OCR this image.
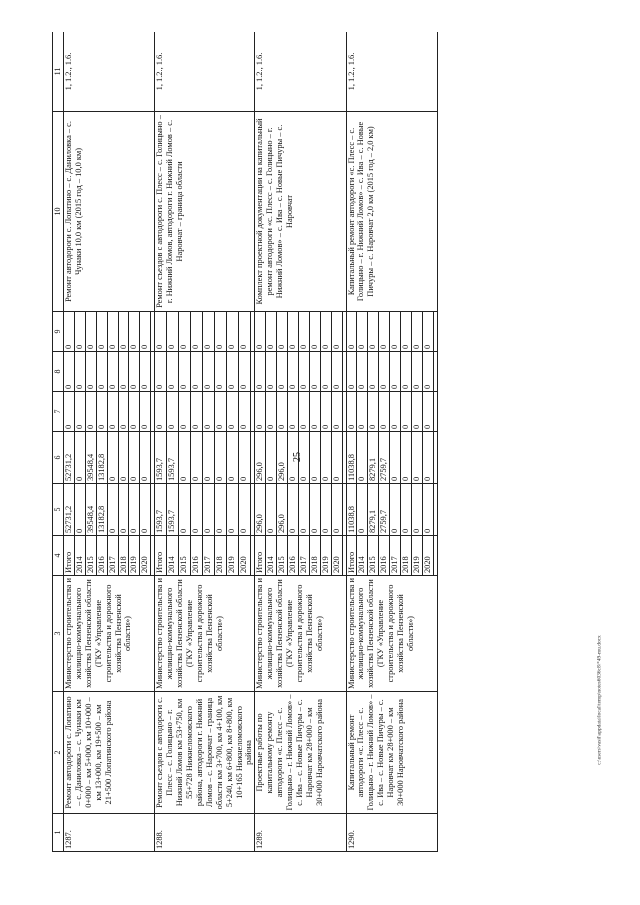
25
c:\users\vasil\appdata\local\temp\notes6036c8\*49-mu.docx
1	2	3	4	5	6	7	8	9	10	11
1287.	Ремонт автодороги с. Лопатино – с. Даниловка – с. Чунаки км 0+000 – км 5+000, км 10+000 – км 13+000, км 19+500 – км 21+500 Лопатинского района	Министерство строительства и жилищно-коммунального хозяйства Пензенской области (ГКУ «Управление строительства и дорожного хозяйства Пензенской области»)	Итого	52731,2	52731,2	0	0	0	Ремонт автодороги с. Лопатино – с. Даниловка – с. Чунаки 10,0 км (2015 год – 10,0 км)	1, 1.2., 1.6.
			2014	0	0	0	0	0		
			2015	39548,4	39548,4	0	0	0		
			2016	13182,8	13182,8	0	0	0		
			2017	0	0	0	0	0		
			2018	0	0	0	0	0		
			2019	0	0	0	0	0		
			2020	0	0	0	0	0		

1288.	Ремонт съездов с автодороги с. Плесс – с. Голицыно – г. Нижний Ломов км 53+750, км 55+728 Нижнеломовского района, автодороги г. Нижний Ломов – с. Наровчат – граница области км 3+700, км 4+100, км 5+240, км 6+800, км 8+800, км 10+165 Нижнеломовского района	Министерство строительства и жилищно-коммунального хозяйства Пензенской области (ГКУ «Управление строительства и дорожного хозяйства Пензенской области»)	Итого	1593,7	1593,7	0	0	0	Ремонт съездов с автодороги с. Плесс – с. Голицыно – г. Нижний Ломов, автодороги г. Нижний Ломов – с. Наровчат – граница области	1, 1.2., 1.6.
			2014	1593,7	1593,7	0	0	0		
			2015	0	0	0	0	0		
			2016	0	0	0	0	0		
			2017	0	0	0	0	0		
			2018	0	0	0	0	0		
			2019	0	0	0	0	0		
			2020	0	0	0	0	0		

1289.	Проектные работы по капитальному ремонту автодороги «с. Плесс – с. Голицыно – г. Нижний Ломов» – с. Ива – с. Новые Пичуры – с. Наровчат км 28+000 – км 30+000 Наровчатского района	Министерство строительства и жилищно-коммунального хозяйства Пензенской области (ГКУ «Управление строительства и дорожного хозяйства Пензенской области»)	Итого	296,0	296,0	0	0	0	Комплект проектной документации на капитальный ремонт автодороги «с. Плесс – с. Голицыно – г. Нижний Ломов» – с. Ива – с. Новые Пичуры – с. Наровчат	1, 1.2., 1.6.
			2014	0	0	0	0	0		
			2015	296,0	296,0	0	0	0		
			2016	0	0	0	0	0		
			2017	0	0	0	0	0		
			2018	0	0	0	0	0		
			2019	0	0	0	0	0		
			2020	0	0	0	0	0		

1290.	Капитальный ремонт автодороги «с. Плесс – с. Голицыно – г. Нижний Ломов» – с. Ива – с. Новые Пичуры – с. Наровчат км 28+000 – км 30+000 Наровчатского района	Министерство строительства и жилищно-коммунального хозяйства Пензенской области (ГКУ «Управление строительства и дорожного хозяйства Пензенской области»)	Итого	11038,8	11038,8	0	0	0	Капитальный ремонт автодороги «с. Плесс – с. Голицыно – г. Нижний Ломов» – с. Ива – с. Новые Пичуры – с. Наровчат 2,0 км (2015 год – 2,0 км)	1, 1.2., 1.6.
			2014	0	0	0	0	0		
			2015	8279,1	8279,1	0	0	0		
			2016	2759,7	2759,7	0	0	0		
			2017	0	0	0	0	0		
			2018	0	0	0	0	0		
			2019	0	0	0	0	0		
			2020	0	0	0	0	0		
